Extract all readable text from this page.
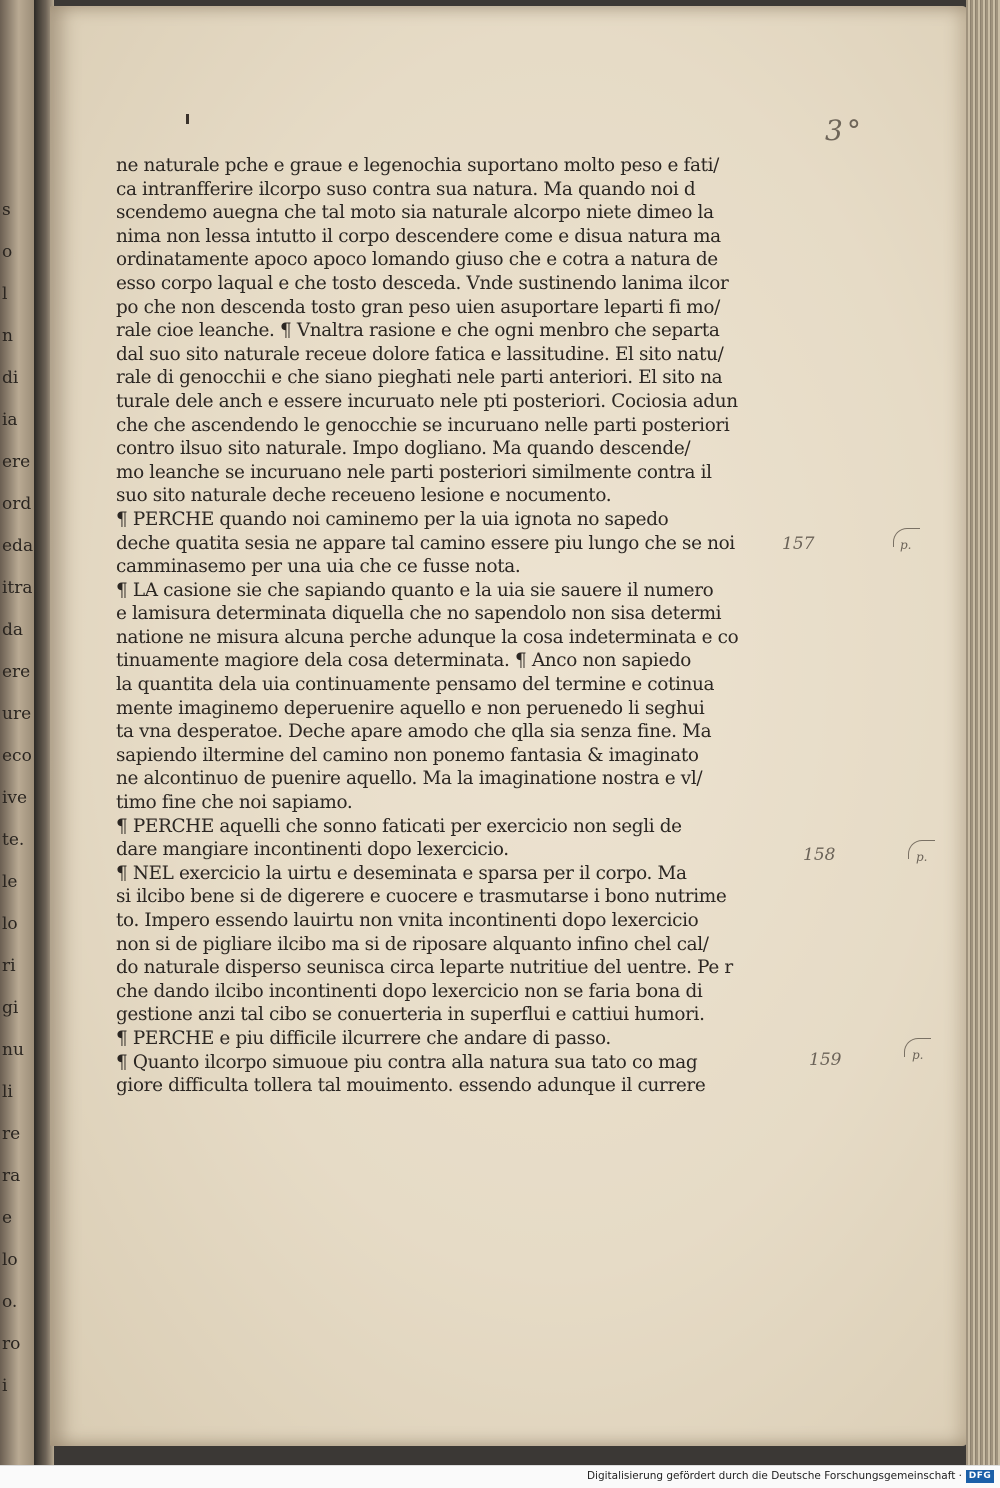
s
o
l
n
di
ia
ere
ord
eda
itra
da
ere
ure
eco
ive
te.
le
lo
ri
gi
nu
li
re
ra
e
lo
o.
ro
i
3°
ne naturale pche e graue e legenochia suportano molto peso e fati/
ca intranfferire ilcorpo suso contra sua natura. Ma quando noi d
scendemo auegna che tal moto sia naturale alcorpo niete dimeo la
nima non lessa intutto il corpo descendere come e disua natura ma
ordinatamente apoco apoco lomando giuso che e cotra a natura de
esso corpo laqual e che tosto desceda. Vnde sustinendo lanima ilcor
po che non descenda tosto gran peso uien asuportare leparti fi mo/
rale cioe leanche. ¶ Vnaltra rasione e che ogni menbro che separta
dal suo sito naturale receue dolore fatica e lassitudine. El sito natu/
rale di genocchii e che siano pieghati nele parti anteriori. El sito na
turale dele anch e essere incuruato nele pti posteriori. Cociosia adun
che che ascendendo le genocchie se incuruano nelle parti posteriori
contro ilsuo sito naturale. Impo dogliano. Ma quando descende/
mo leanche se incuruano nele parti posteriori similmente contra il
suo sito naturale deche receueno lesione e nocumento.
¶ PERCHE quando noi caminemo per la uia ignota no sapedo
deche quatita sesia ne appare tal camino essere piu lungo che se noi
camminasemo per una uia che ce fusse nota.
¶ LA casione sie che sapiando quanto e la uia sie sauere il numero
e lamisura determinata diquella che no sapendolo non sisa determi
natione ne misura alcuna perche adunque la cosa indeterminata e co
tinuamente magiore dela cosa determinata. ¶ Anco non sapiedo
la quantita dela uia continuamente pensamo del termine e cotinua
mente imaginemo deperuenire aquello e non peruenedo li seghui
ta vna desperatoe. Deche apare amodo che qlla sia senza fine. Ma
sapiendo iltermine del camino non ponemo fantasia & imaginato
ne alcontinuo de puenire aquello. Ma la imaginatione nostra e vl/
timo fine che noi sapiamo.
¶ PERCHE aquelli che sonno faticati per exercicio non segli de
dare mangiare incontinenti dopo lexercicio.
¶ NEL exercicio la uirtu e deseminata e sparsa per il corpo. Ma
si ilcibo bene si de digerere e cuocere e trasmutarse i bono nutrime
to. Impero essendo lauirtu non vnita incontinenti dopo lexercicio
non si de pigliare ilcibo ma si de riposare alquanto infino chel cal/
do naturale disperso seunisca circa leparte nutritiue del uentre. Pe r
che dando ilcibo incontinenti dopo lexercicio non se faria bona di
gestione anzi tal cibo se conuerteria in superflui e cattiui humori.
¶ PERCHE e piu difficile ilcurrere che andare di passo.
¶ Quanto ilcorpo simuoue piu contra alla natura sua tato co mag
giore difficulta tollera tal mouimento. essendo adunque il currere
157
158
159
p.
p.
p.
Digitalisierung gefördert durch die Deutsche Forschungsgemeinschaft · DFG
